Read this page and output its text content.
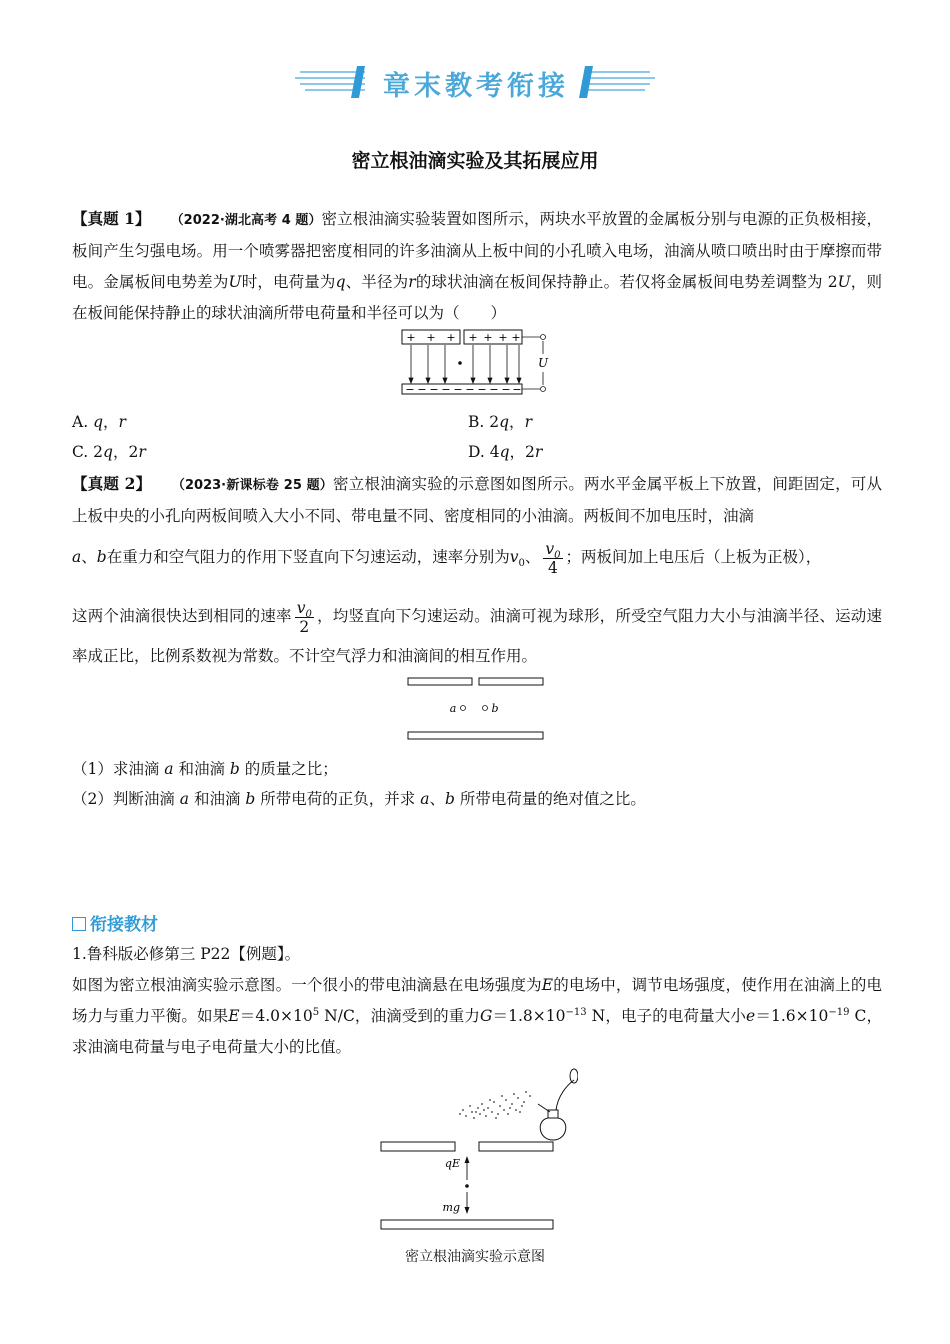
章末教考衔接
密立根油滴实验及其拓展应用
【真题 1】 （2022·湖北高考 4 题）密立根油滴实验装置如图所示，两块水平放置的金属板分别与电源的正负极相接，板间产生匀强电场。用一个喷雾器把密度相同的许多油滴从上板中间的小孔喷入电场，油滴从喷口喷出时由于摩擦而带电。金属板间电势差为U时，电荷量为q、半径为r的球状油滴在板间保持静止。若仅将金属板间电势差调整为 2U，则在板间能保持静止的球状油滴所带电荷量和半径可以为（　　）
+ + + + + + +
− − − − − − − − − −
U
A. q，r	B. 2q，r
C. 2q，2r	D. 4q，2r
【真题 2】 （2023·新课标卷 25 题）密立根油滴实验的示意图如图所示。两水平金属平板上下放置，间距固定，可从上板中央的小孔向两板间喷入大小不同、带电量不同、密度相同的小油滴。两板间不加电压时，油滴
a、b在重力和空气阻力的作用下竖直向下匀速运动，速率分别为$v_0$、 $\frac{v_0}{4}$ ；两板间加上电压后（上板为正极），
这两个油滴很快达到相同的速率 $\frac{v_0}{2}$ ，均竖直向下匀速运动。油滴可视为球形，所受空气阻力大小与油滴半径、运动速率成正比，比例系数视为常数。不计空气浮力和油滴间的相互作用。
a	b
（1）求油滴 a 和油滴 b 的质量之比；
（2）判断油滴 a 和油滴 b 所带电荷的正负，并求 a、b 所带电荷量的绝对值之比。
衔接教材
1.鲁科版必修第三 P22【例题】。
如图为密立根油滴实验示意图。一个很小的带电油滴悬在电场强度为E的电场中，调节电场强度，使作用在油滴上的电场力与重力平衡。如果$E=4.0\times 10^5$ N/C，油滴受到的重力$G=1.8\times 10^{-13}$ N，电子的电荷量大小$e=1.6\times 10^{-19}$ C，求油滴电荷量与电子电荷量大小的比值。
qE
mg
密立根油滴实验示意图
